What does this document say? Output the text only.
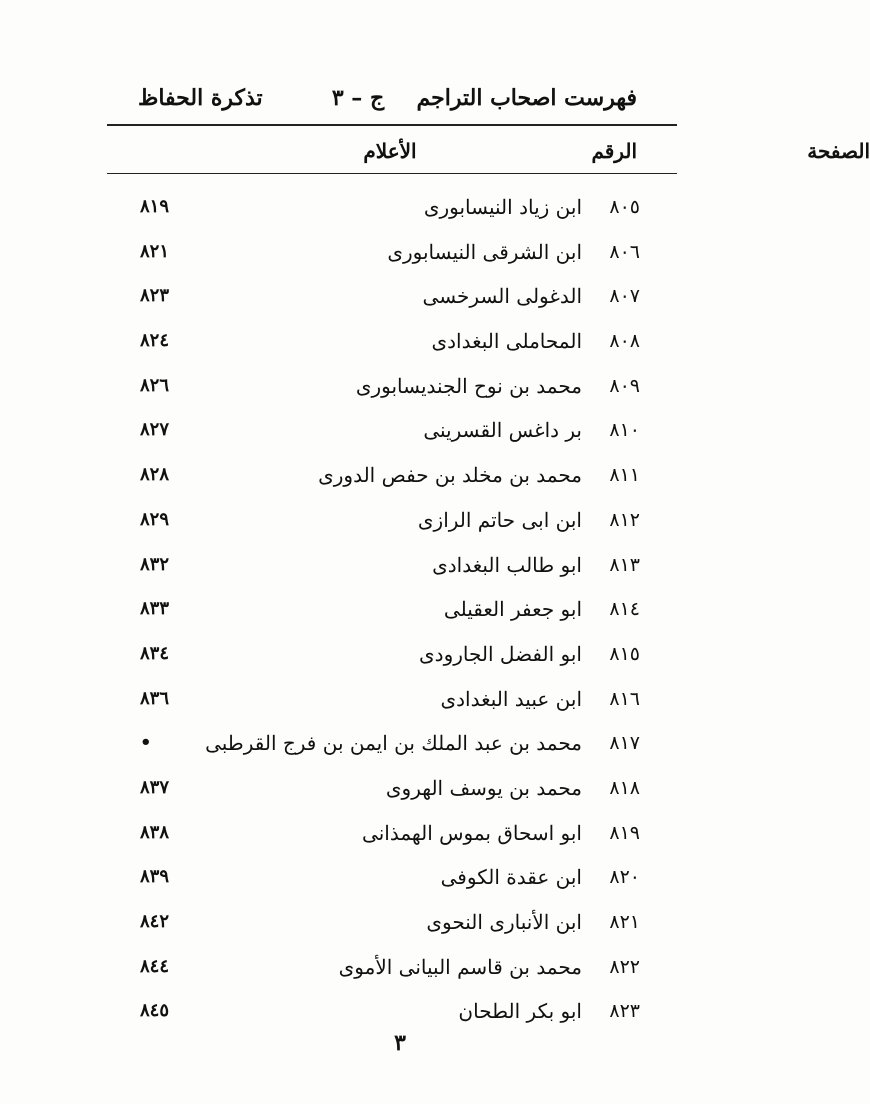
فهرست اصحاب التراجم
ج – ٣
تذكرة الحفاظ
الرقم
الأعلام	الصفحة
٨٠٥
ابن زياد النيسابورى
٨١٩
٨٠٦
ابن الشرقى النيسابورى
٨٢١
٨٠٧
الدغولى السرخسى
٨٢٣
٨٠٨
المحاملى البغدادى
٨٢٤
٨٠٩
محمد بن نوح الجنديسابورى
٨٢٦
٨١٠
بر داغس القسرينى
٨٢٧
٨١١
محمد بن مخلد بن حفص الدورى
٨٢٨
٨١٢
ابن ابى حاتم الرازى
٨٢٩
٨١٣
ابو طالب البغدادى
٨٣٢
٨١٤
ابو جعفر العقيلى
٨٣٣
٨١٥
ابو الفضل الجارودى
٨٣٤
٨١٦
ابن عبيد البغدادى
٨٣٦
٨١٧
محمد بن عبد الملك بن ايمن بن فرج القرطبى
•
٨١٨
محمد بن يوسف الهروى
٨٣٧
٨١٩
ابو اسحاق بموس الهمذانى
٨٣٨
٨٢٠
ابن عقدة الكوفى
٨٣٩
٨٢١
ابن الأنبارى النحوى
٨٤٢
٨٢٢
محمد بن قاسم البيانى الأموى
٨٤٤
٨٢٣
ابو بكر الطحان
٨٤٥
٣
